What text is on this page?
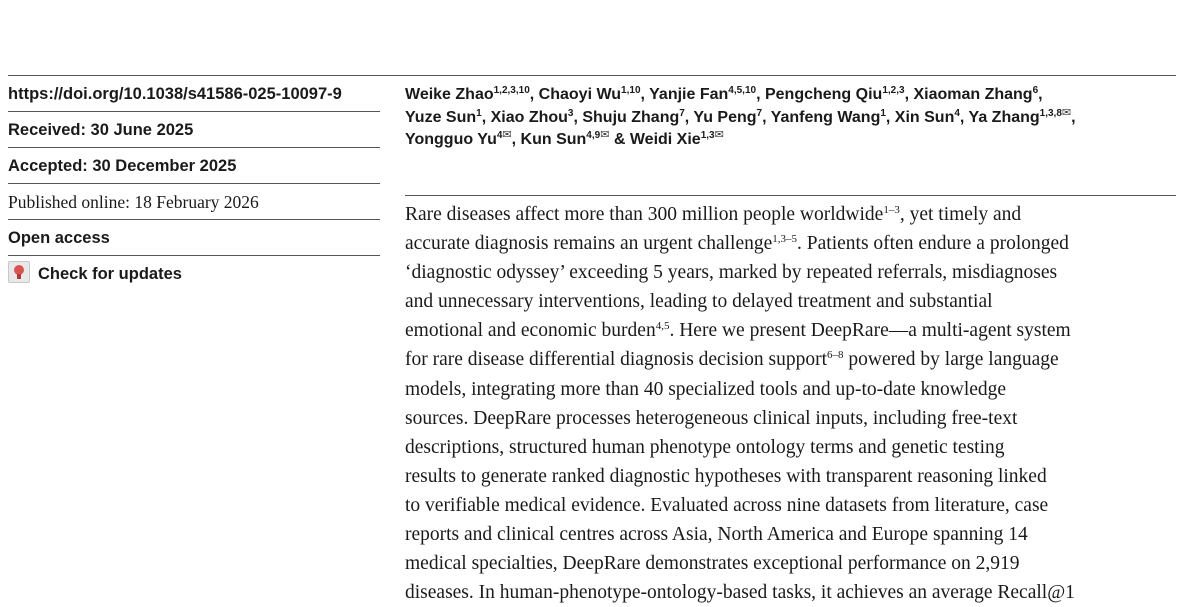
https://doi.org/10.1038/s41586-025-10097-9
Received: 30 June 2025
Accepted: 30 December 2025
Published online: 18 February 2026
Open access
Check for updates
Weike Zhao$^{1,2,3,10}$, Chaoyi Wu$^{1,10}$, Yanjie Fan$^{4,5,10}$, Pengcheng Qiu$^{1,2,3}$, Xiaoman Zhang$^6$,
Yuze Sun$^1$, Xiao Zhou$^3$, Shuju Zhang$^7$, Yu Peng$^7$, Yanfeng Wang$^1$, Xin Sun$^4$, Ya Zhang$^{1,3,8✉}$,
Yongguo $Yu^{4✉}$, Kun Sun$^{4,9✉}$ & Weidi Xie$^{1,3✉}$
Rare diseases affect more than 300 million people worldwide$^{1-3}$, yet timely and
accurate diagnosis remains an urgent challenge$^{1,3-5}$. Patients often endure a prolonged
‘diagnostic odyssey’ exceeding 5 years, marked by repeated referrals, misdiagnoses
and unnecessary interventions, leading to delayed treatment and substantial
emotional and economic burden$^{4,5}$. Here we present DeepRare—a multi-agent system
for rare disease differential diagnosis decision support$^{6-8}$ powered by large language
models, integrating more than 40 specialized tools and up-to-date knowledge
sources. DeepRare processes heterogeneous clinical inputs, including free-text
descriptions, structured human phenotype ontology terms and genetic testing
results to generate ranked diagnostic hypotheses with transparent reasoning linked
to verifiable medical evidence. Evaluated across nine datasets from literature, case
reports and clinical centres across Asia, North America and Europe spanning 14
medical specialties, DeepRare demonstrates exceptional performance on 2,919
diseases. In human-phenotype-ontology-based tasks, it achieves an average Recall@1
